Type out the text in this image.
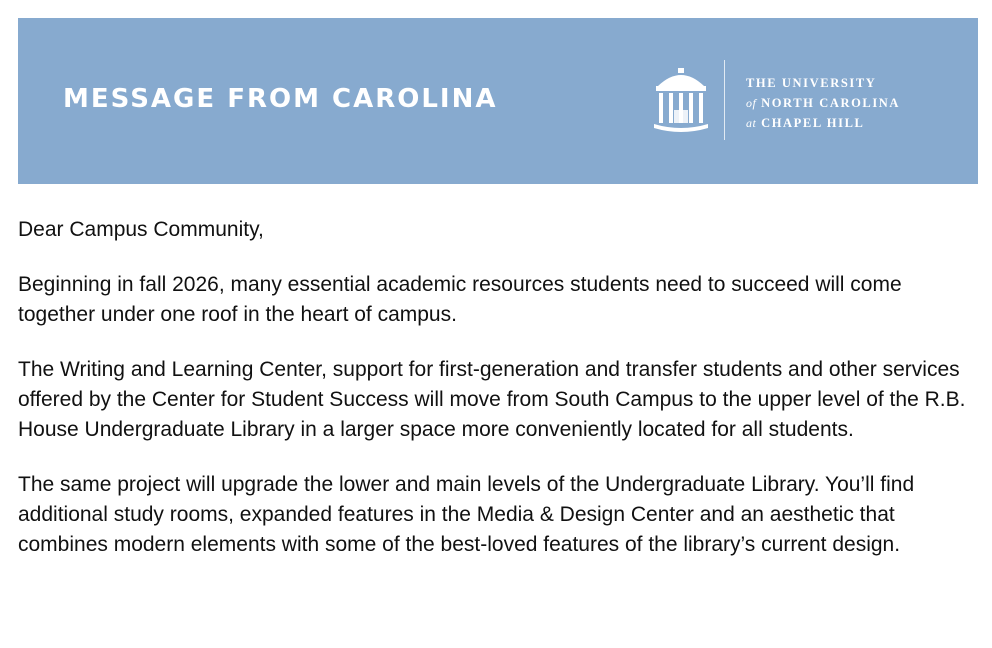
MESSAGE FROM CAROLINA
THE UNIVERSITY
of NORTH CAROLINA
at CHAPEL HILL

Dear Campus Community,

Beginning in fall 2026, many essential academic resources students need to succeed will come together under one roof in the heart of campus.

The Writing and Learning Center, support for first-generation and transfer students and other services offered by the Center for Student Success will move from South Campus to the upper level of the R.B. House Undergraduate Library in a larger space more conveniently located for all students.

The same project will upgrade the lower and main levels of the Undergraduate Library. You’ll find additional study rooms, expanded features in the Media & Design Center and an aesthetic that combines modern elements with some of the best-loved features of the library’s current design.
